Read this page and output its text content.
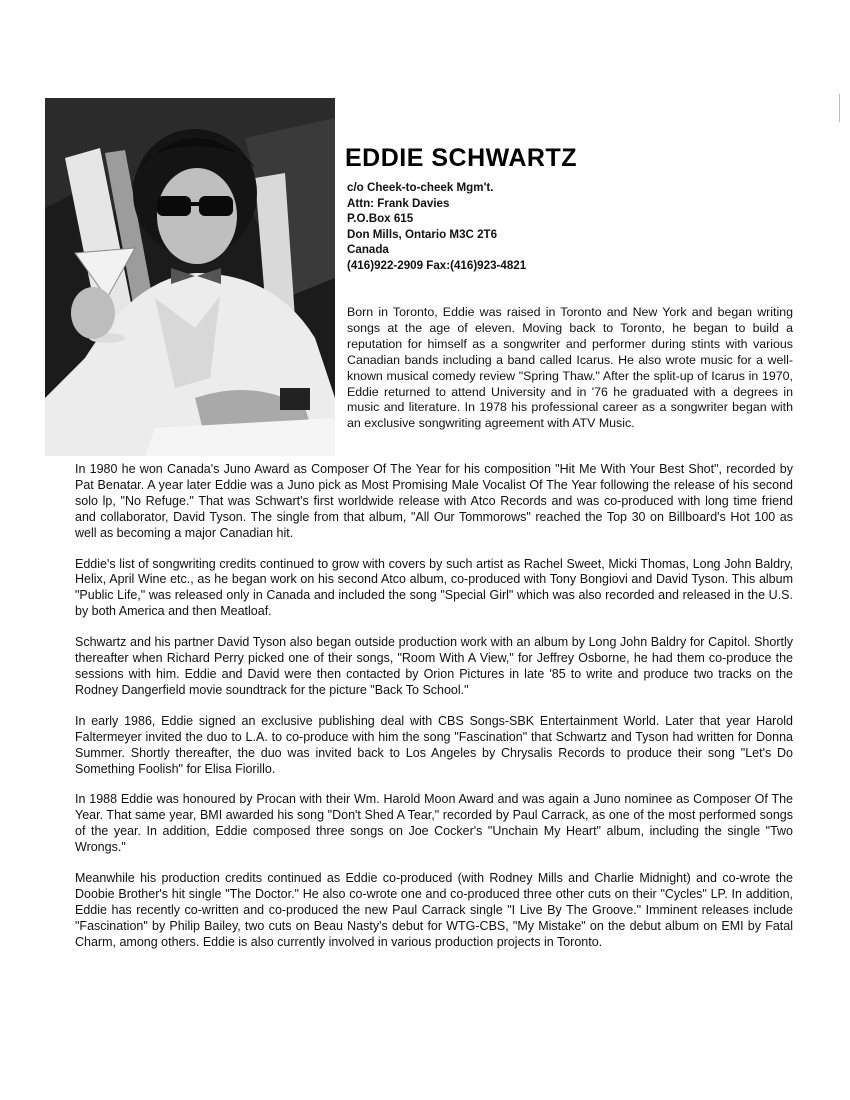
EDDIE SCHWARTZ
c/o Cheek-to-cheek Mgm't.
Attn: Frank Davies
P.O.Box 615
Don Mills, Ontario M3C 2T6
Canada
(416)922-2909 Fax:(416)923-4821

Born in Toronto, Eddie was raised in Toronto and New York and began writing songs at the age of eleven. Moving back to Toronto, he began to build a reputation for himself as a songwriter and performer during stints with various Canadian bands including a band called Icarus. He also wrote music for a well-known musical comedy review "Spring Thaw." After the split-up of Icarus in 1970, Eddie returned to attend University and in '76 he graduated with a degrees in music and literature. In 1978 his professional career as a songwriter began with an exclusive songwriting agreement with ATV Music.

In 1980 he won Canada's Juno Award as Composer Of The Year for his composition "Hit Me With Your Best Shot", recorded by Pat Benatar. A year later Eddie was a Juno pick as Most Promising Male Vocalist Of The Year following the release of his second solo lp, "No Refuge." That was Schwart's first worldwide release with Atco Records and was co-produced with long time friend and collaborator, David Tyson. The single from that album, "All Our Tommorows" reached the Top 30 on Billboard's Hot 100 as well as becoming a major Canadian hit.

Eddie's list of songwriting credits continued to grow with covers by such artist as Rachel Sweet, Micki Thomas, Long John Baldry, Helix, April Wine etc., as he began work on his second Atco album, co-produced with Tony Bongiovi and David Tyson. This album "Public Life," was released only in Canada and included the song "Special Girl" which was also recorded and released in the U.S. by both America and then Meatloaf.

Schwartz and his partner David Tyson also began outside production work with an album by Long John Baldry for Capitol. Shortly thereafter when Richard Perry picked one of their songs, "Room With A View," for Jeffrey Osborne, he had them co-produce the sessions with him. Eddie and David were then contacted by Orion Pictures in late '85 to write and produce two tracks on the Rodney Dangerfield movie soundtrack for the picture "Back To School."

In early 1986, Eddie signed an exclusive publishing deal with CBS Songs-SBK Entertainment World. Later that year Harold Faltermeyer invited the duo to L.A. to co-produce with him the song "Fascination" that Schwartz and Tyson had written for Donna Summer. Shortly thereafter, the duo was invited back to Los Angeles by Chrysalis Records to produce their song "Let's Do Something Foolish" for Elisa Fiorillo.

In 1988 Eddie was honoured by Procan with their Wm. Harold Moon Award and was again a Juno nominee as Composer Of The Year. That same year, BMI awarded his song "Don't Shed A Tear," recorded by Paul Carrack, as one of the most performed songs of the year. In addition, Eddie composed three songs on Joe Cocker's "Unchain My Heart" album, including the single "Two Wrongs."

Meanwhile his production credits continued as Eddie co-produced (with Rodney Mills and Charlie Midnight) and co-wrote the Doobie Brother's hit single "The Doctor." He also co-wrote one and co-produced three other cuts on their "Cycles" LP. In addition, Eddie has recently co-written and co-produced the new Paul Carrack single "I Live By The Groove." Imminent releases include "Fascination" by Philip Bailey, two cuts on Beau Nasty's debut for WTG-CBS, "My Mistake" on the debut album on EMI by Fatal Charm, among others. Eddie is also currently involved in various production projects in Toronto.
